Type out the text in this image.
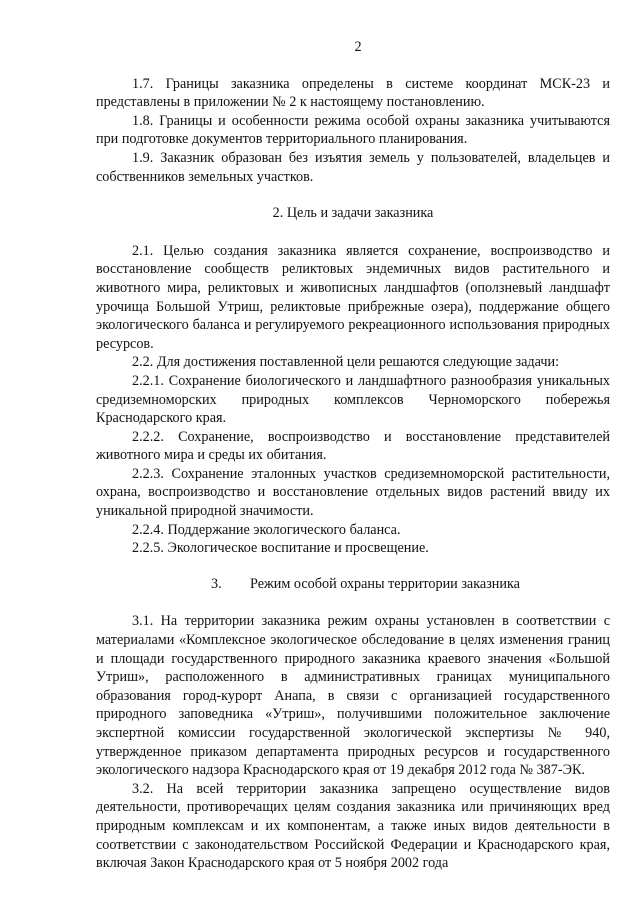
2

1.7. Границы заказника определены в системе координат МСК-23 и представлены в приложении № 2 к настоящему постановлению.

1.8. Границы и особенности режима особой охраны заказника учитываются при подготовке документов территориального планирования.

1.9. Заказник образован без изъятия земель у пользователей, владельцев и собственников земельных участков.

2. Цель и задачи заказника

2.1. Целью создания заказника является сохранение, воспроизводство и восстановление сообществ реликтовых эндемичных видов растительного и животного мира, реликтовых и живописных ландшафтов (оползневый ландшафт урочища Большой Утриш, реликтовые прибрежные озера), поддержание общего экологического баланса и регулируемого рекреационного использования природных ресурсов.

2.2. Для достижения поставленной цели решаются следующие задачи:

2.2.1. Сохранение биологического и ландшафтного разнообразия уникальных средиземноморских природных комплексов Черноморского побережья Краснодарского края.

2.2.2. Сохранение, воспроизводство и восстановление представителей животного мира и среды их обитания.

2.2.3. Сохранение эталонных участков средиземноморской растительности, охрана, воспроизводство и восстановление отдельных видов растений ввиду их уникальной природной значимости.

2.2.4. Поддержание экологического баланса.

2.2.5. Экологическое воспитание и просвещение.

3. Режим особой охраны территории заказника

3.1. На территории заказника режим охраны установлен в соответствии с материалами «Комплексное экологическое обследование в целях изменения границ и площади государственного природного заказника краевого значения «Большой Утриш», расположенного в административных границах муниципального образования город-курорт Анапа, в связи с организацией государственного природного заповедника «Утриш», получившими положительное заключение экспертной комиссии государственной экологической экспертизы № 940, утвержденное приказом департамента природных ресурсов и государственного экологического надзора Краснодарского края от 19 декабря 2012 года № 387-ЭК.

3.2. На всей территории заказника запрещено осуществление видов деятельности, противоречащих целям создания заказника или причиняющих вред природным комплексам и их компонентам, а также иных видов деятельности в соответствии с законодательством Российской Федерации и Краснодарского края, включая Закон Краснодарского края от 5 ноября 2002 года
